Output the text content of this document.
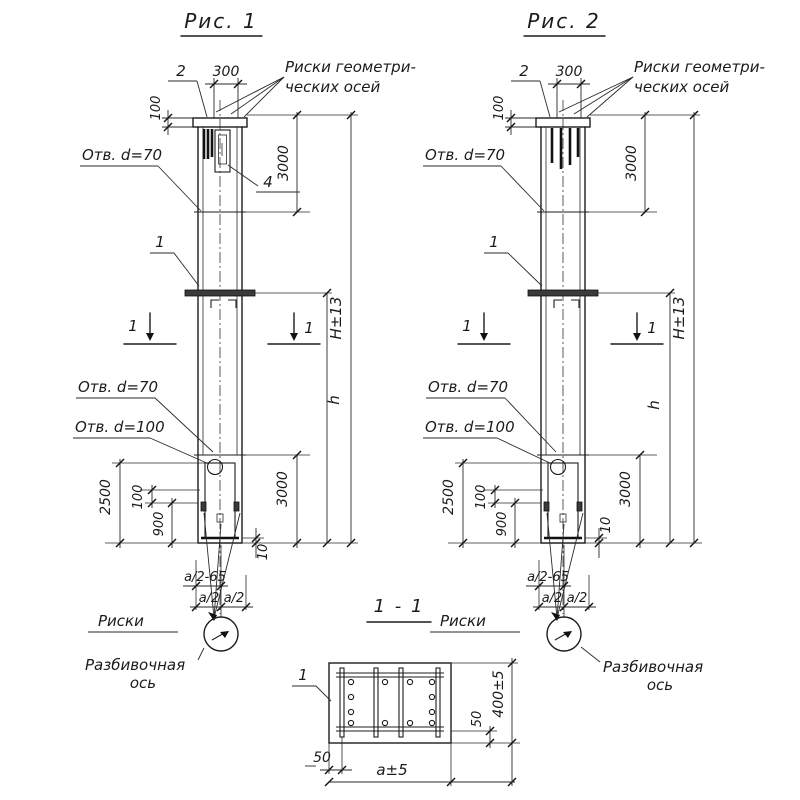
Рис. 1
2 300
100
Риски геометри-
ческих осей
Отв. d=70	3000
4
1
1	1 H±13
h
Отв. d=70
Отв. d=100
2500 100
900
3000
10
Риски
a/2-65
a/2 a/2
Разбивочная
ось
Рис. 2
2 300
100
Риски геометри-
ческих осей
Отв. d=70	3000
1
1	1 H±13
h
Отв. d=70
Отв. d=100
2500 100
900
3000
10
Риски
a/2-65
a/2 a/2
Разбивочная
ось
1 - 1
1
50
a±5
50
400±5
